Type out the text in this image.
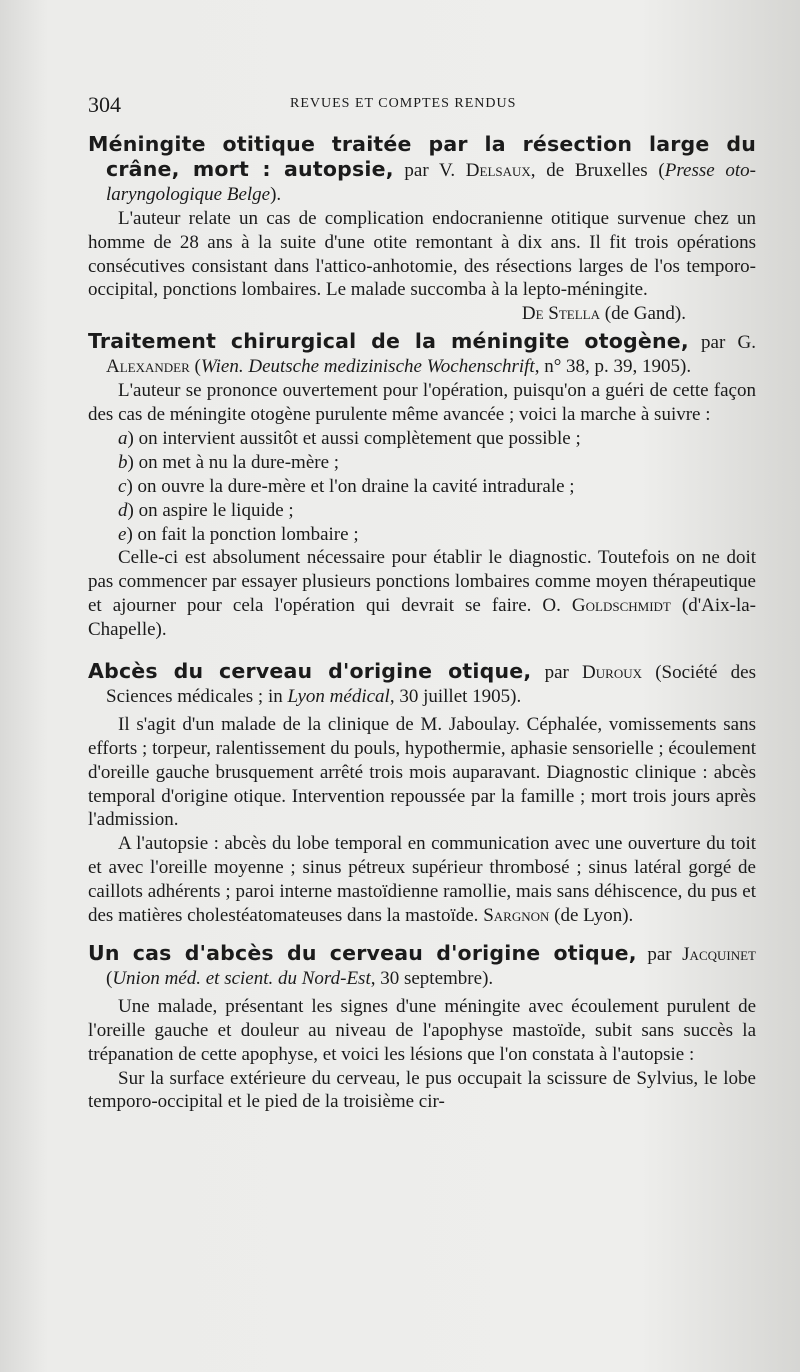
304	REVUES ET COMPTES RENDUS

Méningite otitique traitée par la résection large du crâne, mort : autopsie, par V. Delsaux, de Bruxelles (Presse oto-laryngologique Belge).

L'auteur relate un cas de complication endocranienne otitique survenue chez un homme de 28 ans à la suite d'une otite remontant à dix ans. Il fit trois opérations consécutives consistant dans l'attico-anhotomie, des résections larges de l'os temporo-occipital, ponctions lombaires. Le malade succomba à la lepto-méningite.

De Stella (de Gand).

Traitement chirurgical de la méningite otogène, par G. Alexander (Wien. Deutsche medizinische Wochenschrift, n° 38, p. 39, 1905).

L'auteur se prononce ouvertement pour l'opération, puisqu'on a guéri de cette façon des cas de méningite otogène purulente même avancée ; voici la marche à suivre :

a) on intervient aussitôt et aussi complètement que possible ;

b) on met à nu la dure-mère ;

c) on ouvre la dure-mère et l'on draine la cavité intradurale ;

d) on aspire le liquide ;

e) on fait la ponction lombaire ;

Celle-ci est absolument nécessaire pour établir le diagnostic. Toutefois on ne doit pas commencer par essayer plusieurs ponctions lombaires comme moyen thérapeutique et ajourner pour cela l'opération qui devrait se faire. O. Goldschmidt (d'Aix-la-Chapelle).

Abcès du cerveau d'origine otique, par Duroux (Société des Sciences médicales ; in Lyon médical, 30 juillet 1905).

Il s'agit d'un malade de la clinique de M. Jaboulay. Céphalée, vomissements sans efforts ; torpeur, ralentissement du pouls, hypothermie, aphasie sensorielle ; écoulement d'oreille gauche brusquement arrêté trois mois auparavant. Diagnostic clinique : abcès temporal d'origine otique. Intervention repoussée par la famille ; mort trois jours après l'admission.

A l'autopsie : abcès du lobe temporal en communication avec une ouverture du toit et avec l'oreille moyenne ; sinus pétreux supérieur thrombosé ; sinus latéral gorgé de caillots adhérents ; paroi interne mastoïdienne ramollie, mais sans déhiscence, du pus et des matières cholestéatomateuses dans la mastoïde. Sargnon (de Lyon).

Un cas d'abcès du cerveau d'origine otique, par Jacquinet (Union méd. et scient. du Nord-Est, 30 septembre).

Une malade, présentant les signes d'une méningite avec écoulement purulent de l'oreille gauche et douleur au niveau de l'apophyse mastoïde, subit sans succès la trépanation de cette apophyse, et voici les lésions que l'on constata à l'autopsie :

Sur la surface extérieure du cerveau, le pus occupait la scissure de Sylvius, le lobe temporo-occipital et le pied de la troisième cir-
